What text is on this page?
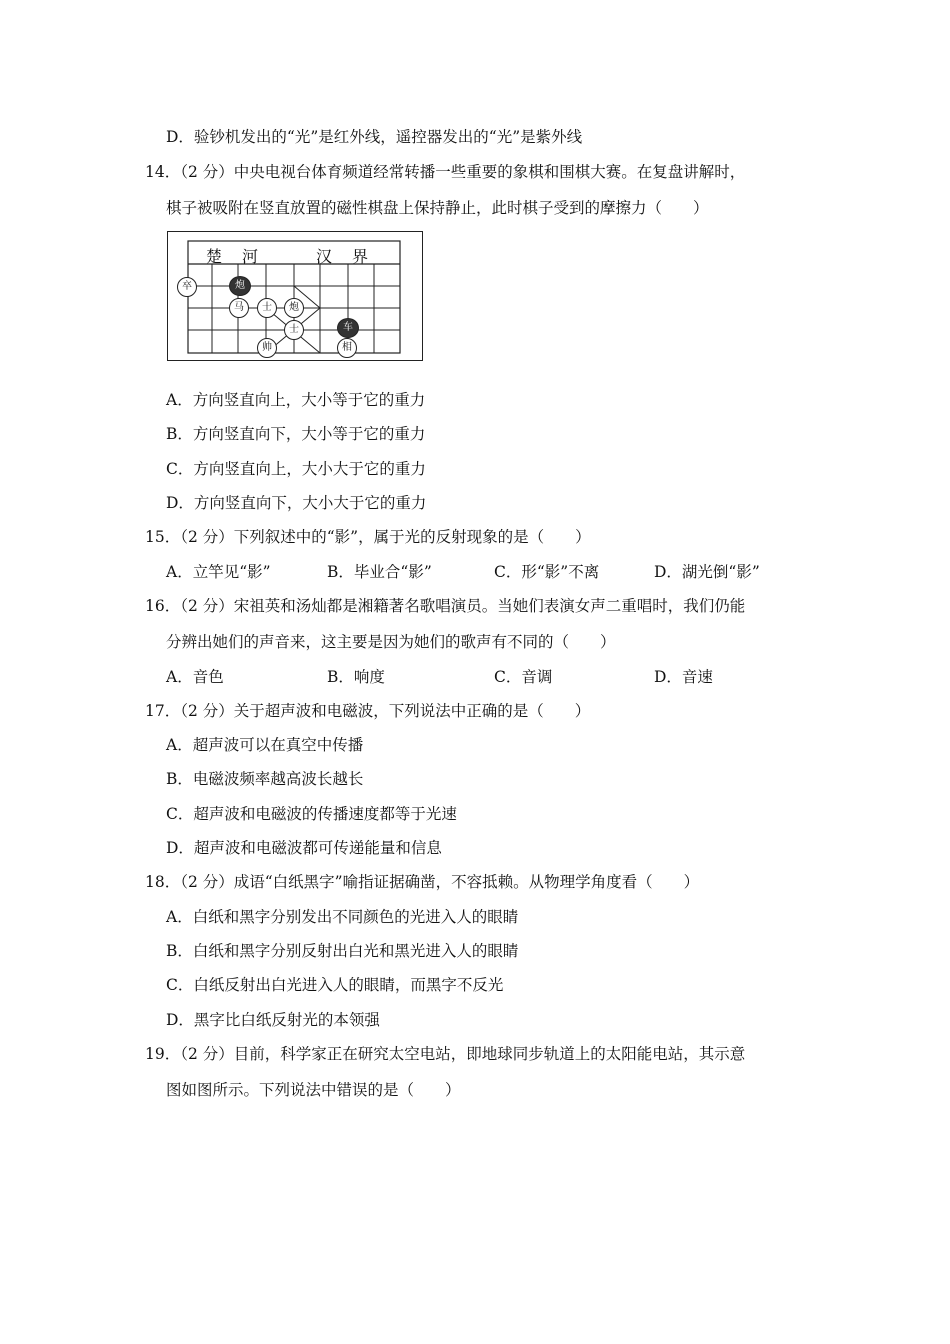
D．验钞机发出的“光”是红外线，遥控器发出的“光”是紫外线
14．（2 分）中央电视台体育频道经常转播一些重要的象棋和围棋大赛。在复盘讲解时，
棋子被吸附在竖直放置的磁性棋盘上保持静止，此时棋子受到的摩擦力（　　）
楚　河	汉　界
卒	炮
马	士	炮
士
帅
车
相
A．方向竖直向上，大小等于它的重力
B．方向竖直向下，大小等于它的重力
C．方向竖直向上，大小大于它的重力
D．方向竖直向下，大小大于它的重力
15．（2 分）下列叙述中的“影”，属于光的反射现象的是（　　）
A．立竿见“影”	B．毕业合“影”	C．形“影”不离	D．湖光倒“影”
16．（2 分）宋祖英和汤灿都是湘籍著名歌唱演员。当她们表演女声二重唱时，我们仍能
分辨出她们的声音来，这主要是因为她们的歌声有不同的（　　）
A．音色	B．响度	C．音调	D．音速
17．（2 分）关于超声波和电磁波，下列说法中正确的是（　　）
A．超声波可以在真空中传播
B．电磁波频率越高波长越长
C．超声波和电磁波的传播速度都等于光速
D．超声波和电磁波都可传递能量和信息
18．（2 分）成语“白纸黑字”喻指证据确凿，不容抵赖。从物理学角度看（　　）
A．白纸和黑字分别发出不同颜色的光进入人的眼睛
B．白纸和黑字分别反射出白光和黑光进入人的眼睛
C．白纸反射出白光进入人的眼睛，而黑字不反光
D．黑字比白纸反射光的本领强
19．（2 分）目前，科学家正在研究太空电站，即地球同步轨道上的太阳能电站，其示意
图如图所示。下列说法中错误的是（　　）
